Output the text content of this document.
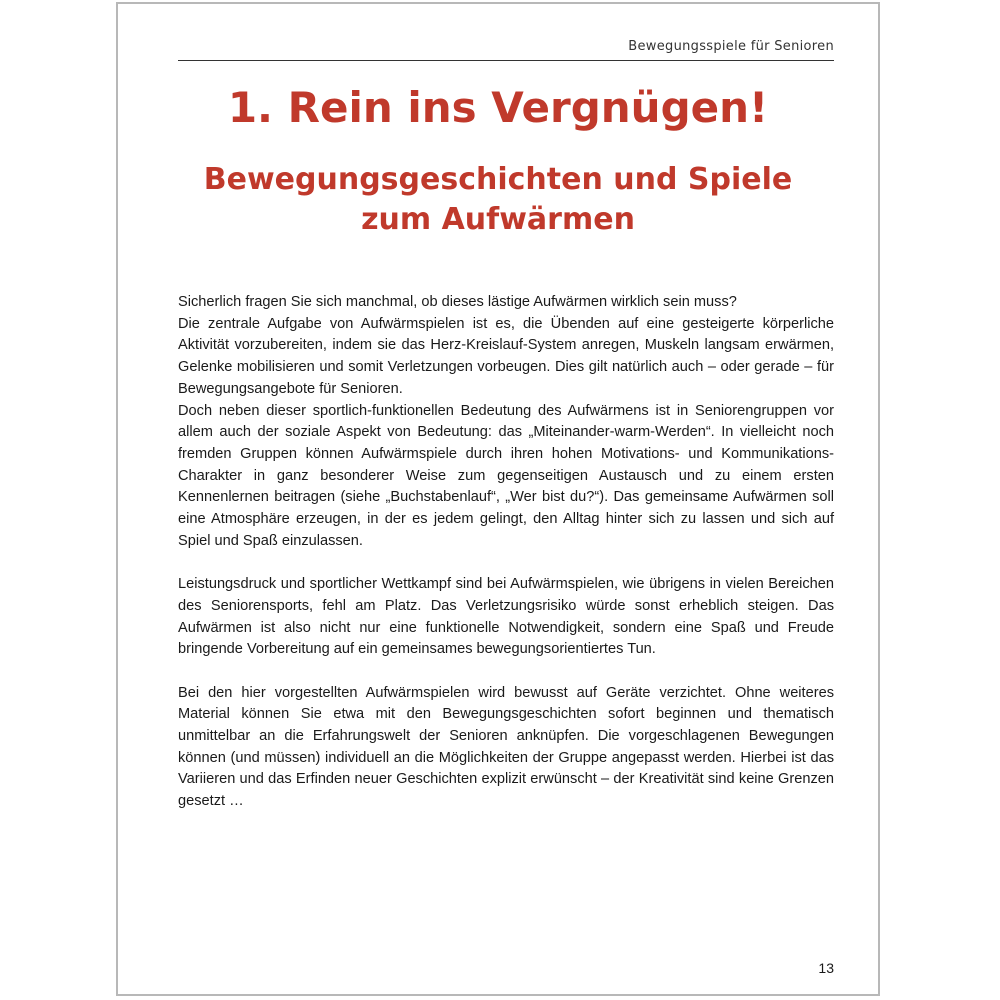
Bewegungsspiele für Senioren
1. Rein ins Vergnügen!
Bewegungsgeschichten und Spiele
zum Aufwärmen

Sicherlich fragen Sie sich manchmal, ob dieses lästige Aufwärmen wirklich sein muss?
Die zentrale Aufgabe von Aufwärmspielen ist es, die Übenden auf eine gesteigerte körperliche Aktivität vorzubereiten, indem sie das Herz-Kreislauf-System anregen, Muskeln langsam erwärmen, Gelenke mobilisieren und somit Verletzungen vorbeugen. Dies gilt natürlich auch – oder gerade – für Bewegungsangebote für Senioren.
Doch neben dieser sportlich-funktionellen Bedeutung des Aufwärmens ist in Seniorengruppen vor allem auch der soziale Aspekt von Bedeutung: das „Miteinander-warm-Werden“. In vielleicht noch fremden Gruppen können Aufwärmspiele durch ihren hohen Motivations- und Kommunikations-Charakter in ganz besonderer Weise zum gegenseitigen Austausch und zu einem ersten Kennenlernen beitragen (siehe „Buchstabenlauf“, „Wer bist du?“). Das gemeinsame Aufwärmen soll eine Atmosphäre erzeugen, in der es jedem gelingt, den Alltag hinter sich zu lassen und sich auf Spiel und Spaß einzulassen.

Leistungsdruck und sportlicher Wettkampf sind bei Aufwärmspielen, wie übrigens in vielen Bereichen des Seniorensports, fehl am Platz. Das Verletzungsrisiko würde sonst erheblich steigen. Das Aufwärmen ist also nicht nur eine funktionelle Notwendigkeit, sondern eine Spaß und Freude bringende Vorbereitung auf ein gemeinsames bewegungsorientiertes Tun.

Bei den hier vorgestellten Aufwärmspielen wird bewusst auf Geräte verzichtet. Ohne weiteres Material können Sie etwa mit den Bewegungsgeschichten sofort beginnen und thematisch unmittelbar an die Erfahrungswelt der Senioren anknüpfen. Die vorgeschlagenen Bewegungen können (und müssen) individuell an die Möglichkeiten der Gruppe angepasst werden. Hierbei ist das Variieren und das Erfinden neuer Geschichten explizit erwünscht – der Kreativität sind keine Grenzen gesetzt …

13
